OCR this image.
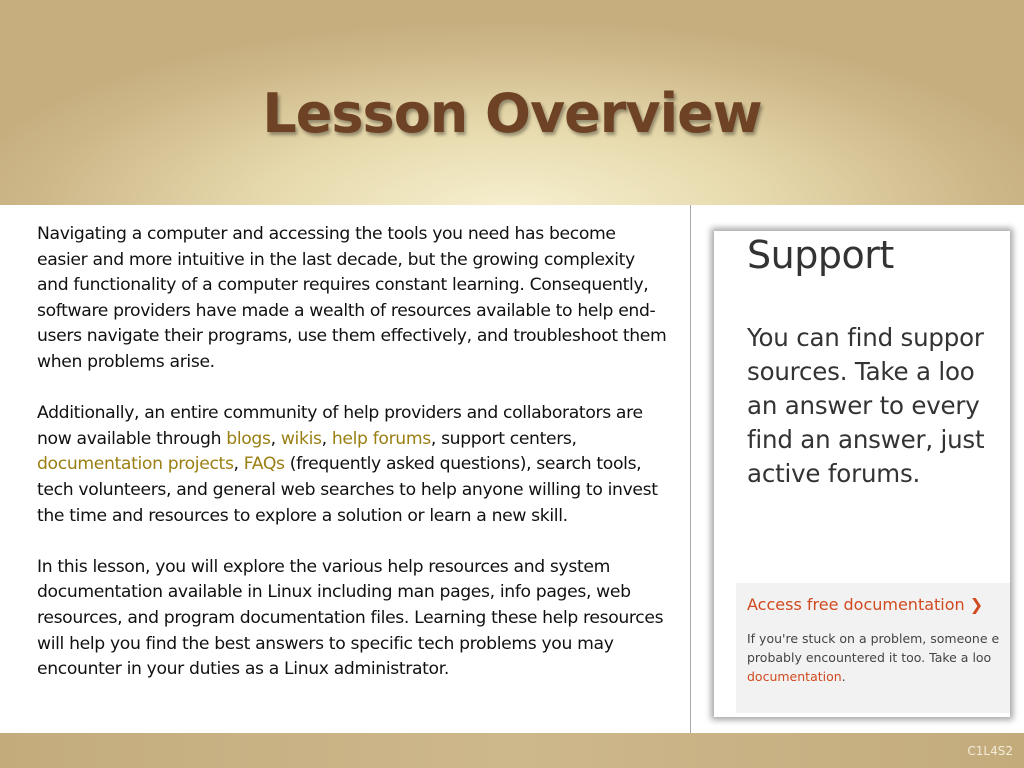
Lesson Overview

Navigating a computer and accessing the tools you need has become easier and more intuitive in the last decade, but the growing complexity and functionality of a computer requires constant learning. Consequently, software providers have made a wealth of resources available to help end-users navigate their programs, use them effectively, and troubleshoot them when problems arise.

Additionally, an entire community of help providers and collaborators are now available through blogs, wikis, help forums, support centers, documentation projects, FAQs (frequently asked questions), search tools, tech volunteers, and general web searches to help anyone willing to invest the time and resources to explore a solution or learn a new skill.

In this lesson, you will explore the various help resources and system documentation available in Linux including man pages, info pages, web resources, and program documentation files. Learning these help resources will help you find the best answers to specific tech problems you may encounter in your duties as a Linux administrator.

Support
You can find suppor
sources. Take a loo
an answer to every
find an answer, just
active forums.
Access free documentation ❯
If you're stuck on a problem, someone e
probably encountered it too. Take a loo
documentation.
C1L4S2
